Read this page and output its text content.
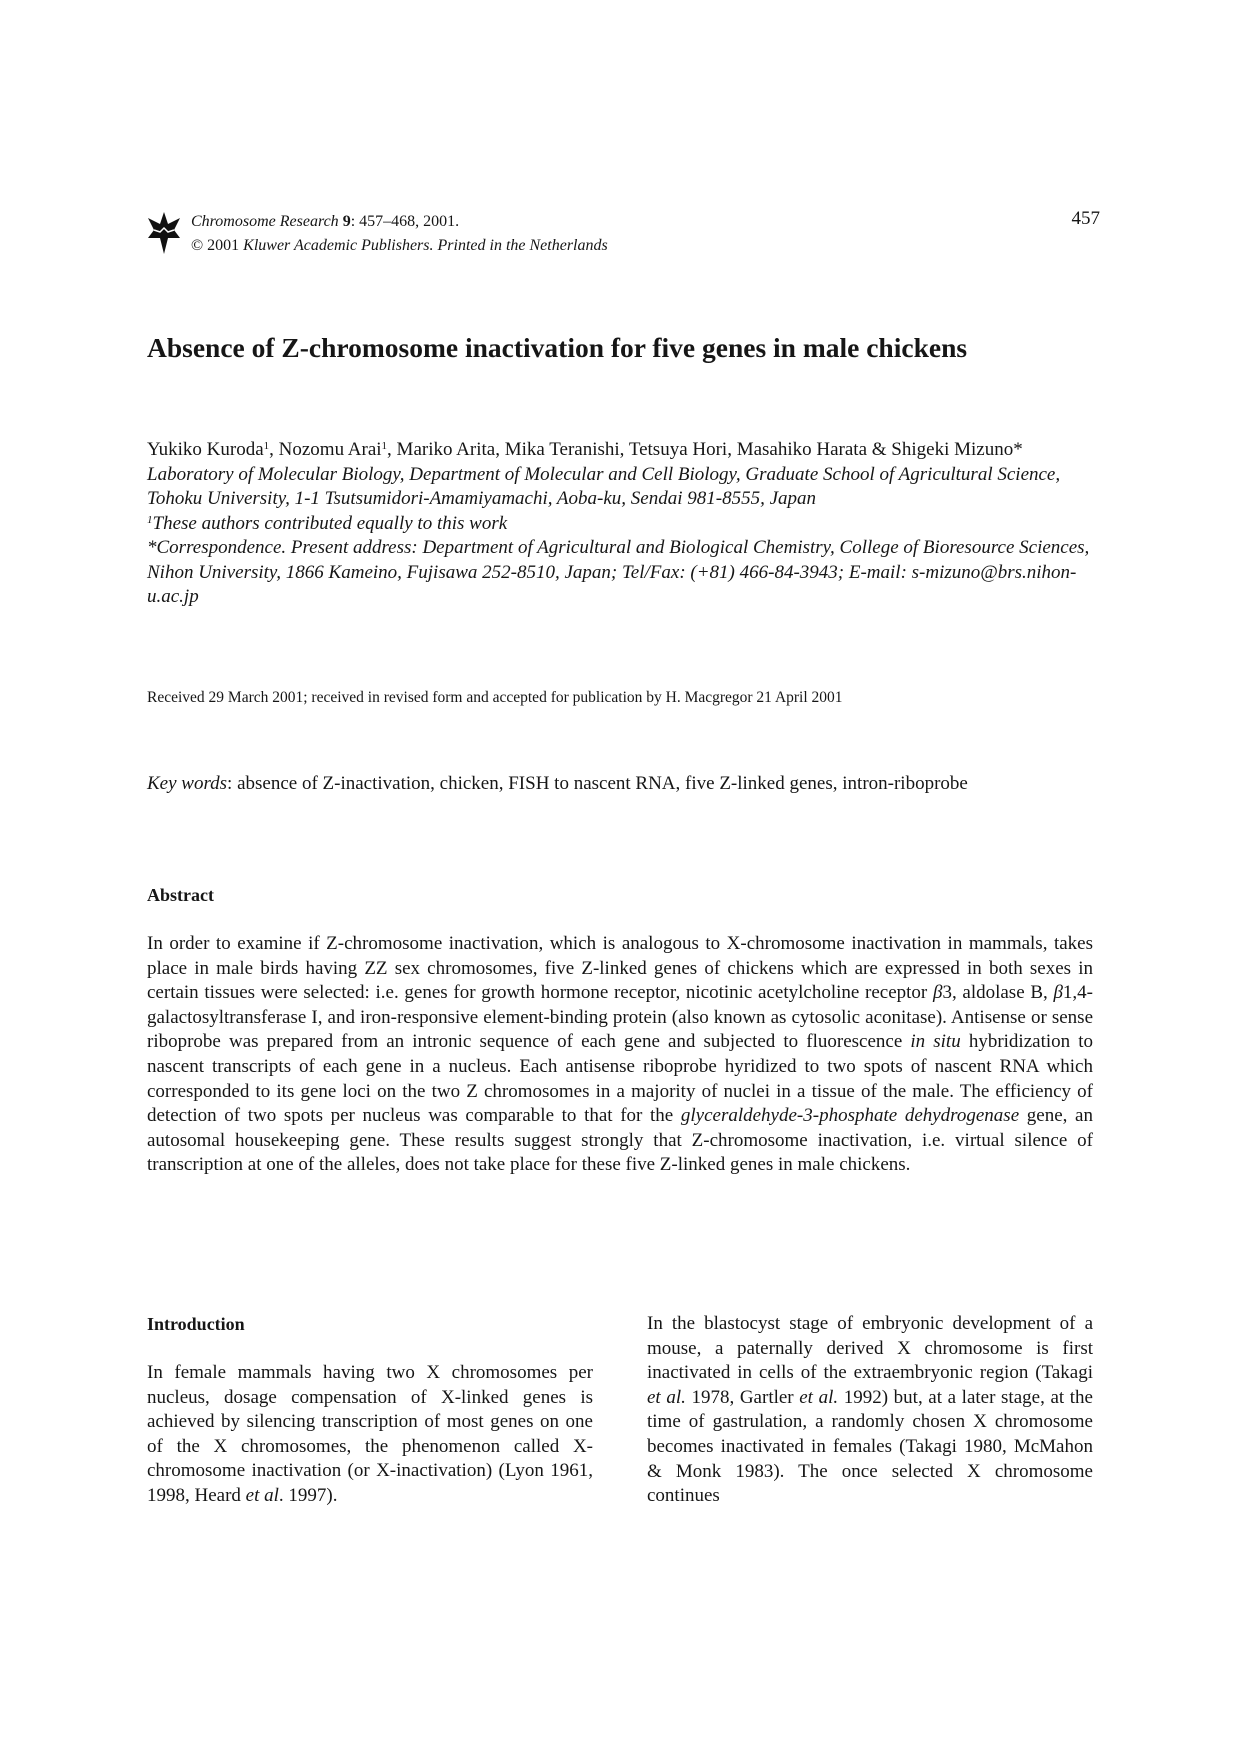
Chromosome Research 9: 457–468, 2001.
© 2001 Kluwer Academic Publishers. Printed in the Netherlands
457
Absence of Z-chromosome inactivation for five genes in male chickens
Yukiko Kuroda$^1$, Nozomu Arai$^1$, Mariko Arita, Mika Teranishi, Tetsuya Hori, Masahiko Harata & Shigeki Mizuno*
Laboratory of Molecular Biology, Department of Molecular and Cell Biology, Graduate School of Agricultural Science, Tohoku University, 1-1 Tsutsumidori-Amamiyamachi, Aoba-ku, Sendai 981-8555, Japan
$^1$These authors contributed equally to this work
*Correspondence. Present address: Department of Agricultural and Biological Chemistry, College of Bioresource Sciences, Nihon University, 1866 Kameino, Fujisawa 252-8510, Japan; Tel/Fax: (+81) 466-84-3943; E-mail: s-mizuno@brs.nihon-u.ac.jp
Received 29 March 2001; received in revised form and accepted for publication by H. Macgregor 21 April 2001
Key words: absence of Z-inactivation, chicken, FISH to nascent RNA, five Z-linked genes, intron-riboprobe
Abstract
In order to examine if Z-chromosome inactivation, which is analogous to X-chromosome inactivation in mammals, takes place in male birds having ZZ sex chromosomes, five Z-linked genes of chickens which are expressed in both sexes in certain tissues were selected: i.e. genes for growth hormone receptor, nicotinic acetylcholine receptor β3, aldolase B, β1,4-galactosyltransferase I, and iron-responsive element-binding protein (also known as cytosolic aconitase). Antisense or sense riboprobe was prepared from an intronic sequence of each gene and subjected to fluorescence in situ hybridization to nascent transcripts of each gene in a nucleus. Each antisense riboprobe hyridized to two spots of nascent RNA which corresponded to its gene loci on the two Z chromosomes in a majority of nuclei in a tissue of the male. The efficiency of detection of two spots per nucleus was comparable to that for the glyceraldehyde-3-phosphate dehydrogenase gene, an autosomal housekeeping gene. These results suggest strongly that Z-chromosome inactivation, i.e. virtual silence of transcription at one of the alleles, does not take place for these five Z-linked genes in male chickens.
Introduction
In female mammals having two X chromosomes per nucleus, dosage compensation of X-linked genes is achieved by silencing transcription of most genes on one of the X chromosomes, the phenomenon called X-chromosome inactivation (or X-inactivation) (Lyon 1961, 1998, Heard et al. 1997).
In the blastocyst stage of embryonic development of a mouse, a paternally derived X chromosome is first inactivated in cells of the extraembryonic region (Takagi et al. 1978, Gartler et al. 1992) but, at a later stage, at the time of gastrulation, a randomly chosen X chromosome becomes inactivated in females (Takagi 1980, McMahon & Monk 1983). The once selected X chromosome continues
